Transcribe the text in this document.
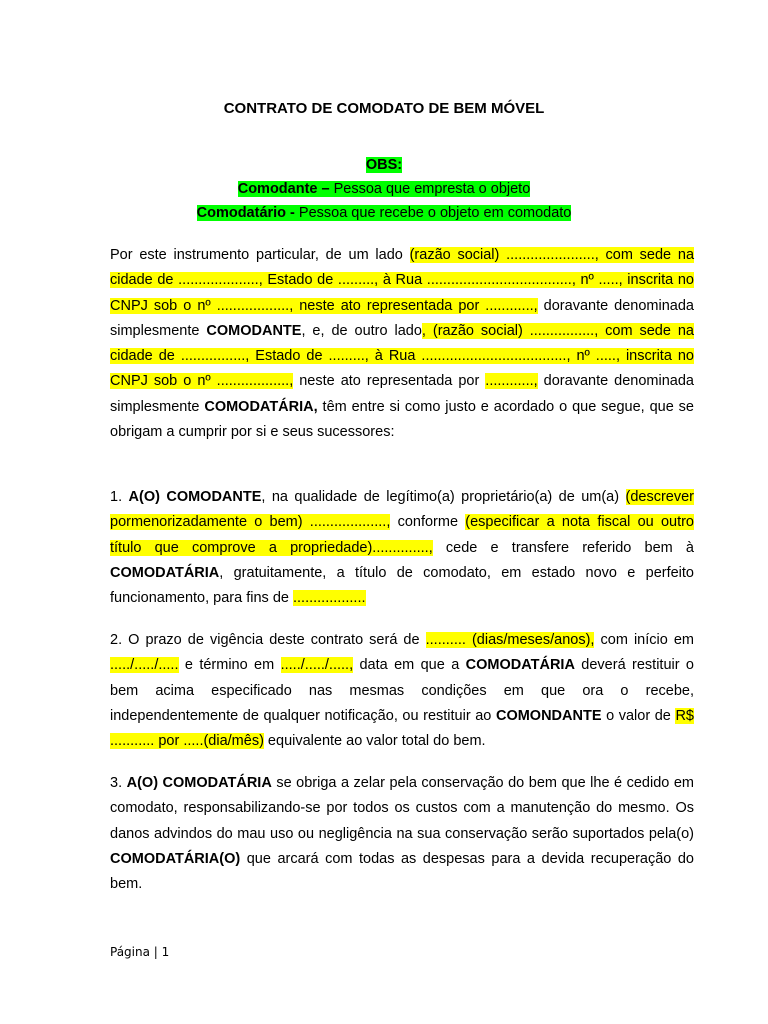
CONTRATO DE COMODATO DE BEM MÓVEL
OBS:
Comodante – Pessoa que empresta o objeto
Comodatário - Pessoa que recebe o objeto em comodato

Por este instrumento particular, de um lado (razão social) ......................, com sede na cidade de ...................., Estado de ........., à Rua ...................................., nº ....., inscrita no CNPJ sob o nº .................., neste ato representada por ............, doravante denominada simplesmente COMODANTE, e, de outro lado, (razão social) ................, com sede na cidade de ................, Estado de ........., à Rua ...................................., nº ....., inscrita no CNPJ sob o nº .................., neste ato representada por ............, doravante denominada simplesmente COMODATÁRIA, têm entre si como justo e acordado o que segue, que se obrigam a cumprir por si e seus sucessores:

1. A(O) COMODANTE, na qualidade de legítimo(a) proprietário(a) de um(a) (descrever pormenorizadamente o bem) ..................., conforme (especificar a nota fiscal ou outro título que comprove a propriedade).............., cede e transfere referido bem à COMODATÁRIA, gratuitamente, a título de comodato, em estado novo e perfeito funcionamento, para fins de ..................

2. O prazo de vigência deste contrato será de .......... (dias/meses/anos), com início em ...../...../..... e término em ...../...../....., data em que a COMODATÁRIA deverá restituir o bem acima especificado nas mesmas condições em que ora o recebe, independentemente de qualquer notificação, ou restituir ao COMONDANTE o valor de R$ ........... por .....(dia/mês) equivalente ao valor total do bem.

3. A(O) COMODATÁRIA se obriga a zelar pela conservação do bem que lhe é cedido em comodato, responsabilizando-se por todos os custos com a manutenção do mesmo. Os danos advindos do mau uso ou negligência na sua conservação serão suportados pela(o) COMODATÁRIA(O) que arcará com todas as despesas para a devida recuperação do bem.

Página | 1
